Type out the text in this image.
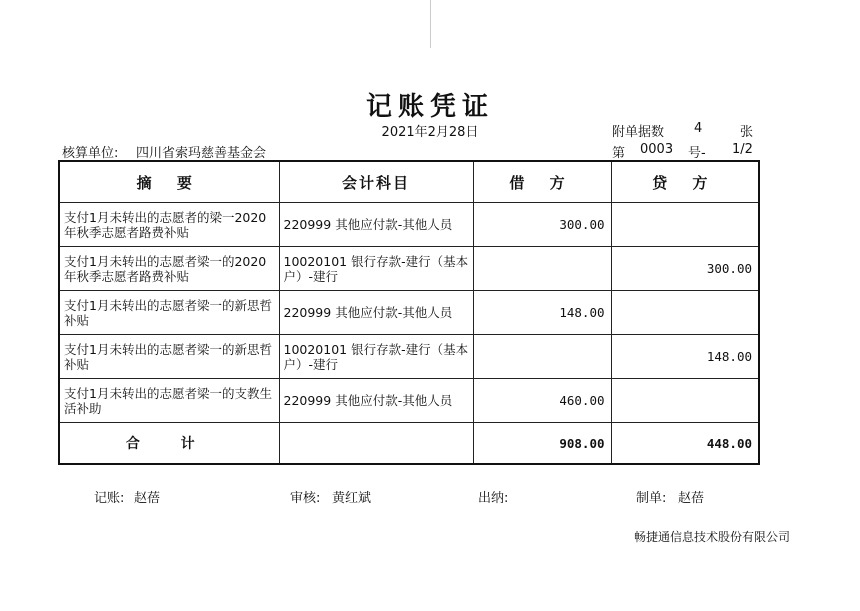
记账凭证
2021年2月28日	附单据数 4	张
核算单位: 四川省索玛慈善基金会	第 0003 号- 1/2
摘 要	会计科目	借 方	贷 方
支付1月未转出的志愿者的梁一2020年秋季志愿者路费补贴	220999 其他应付款-其他人员	300.00	
支付1月未转出的志愿者梁一的2020年秋季志愿者路费补贴	10020101 银行存款-建行（基本户）-建行		300.00
支付1月未转出的志愿者梁一的新思哲补贴	220999 其他应付款-其他人员	148.00	
支付1月未转出的志愿者梁一的新思哲补贴	10020101 银行存款-建行（基本户）-建行		148.00
支付1月未转出的志愿者梁一的支教生活补助	220999 其他应付款-其他人员	460.00	
合 计		908.00	448.00
记账: 赵蓓	审核: 黄红斌	出纳:	制单: 赵蓓
畅捷通信息技术股份有限公司
